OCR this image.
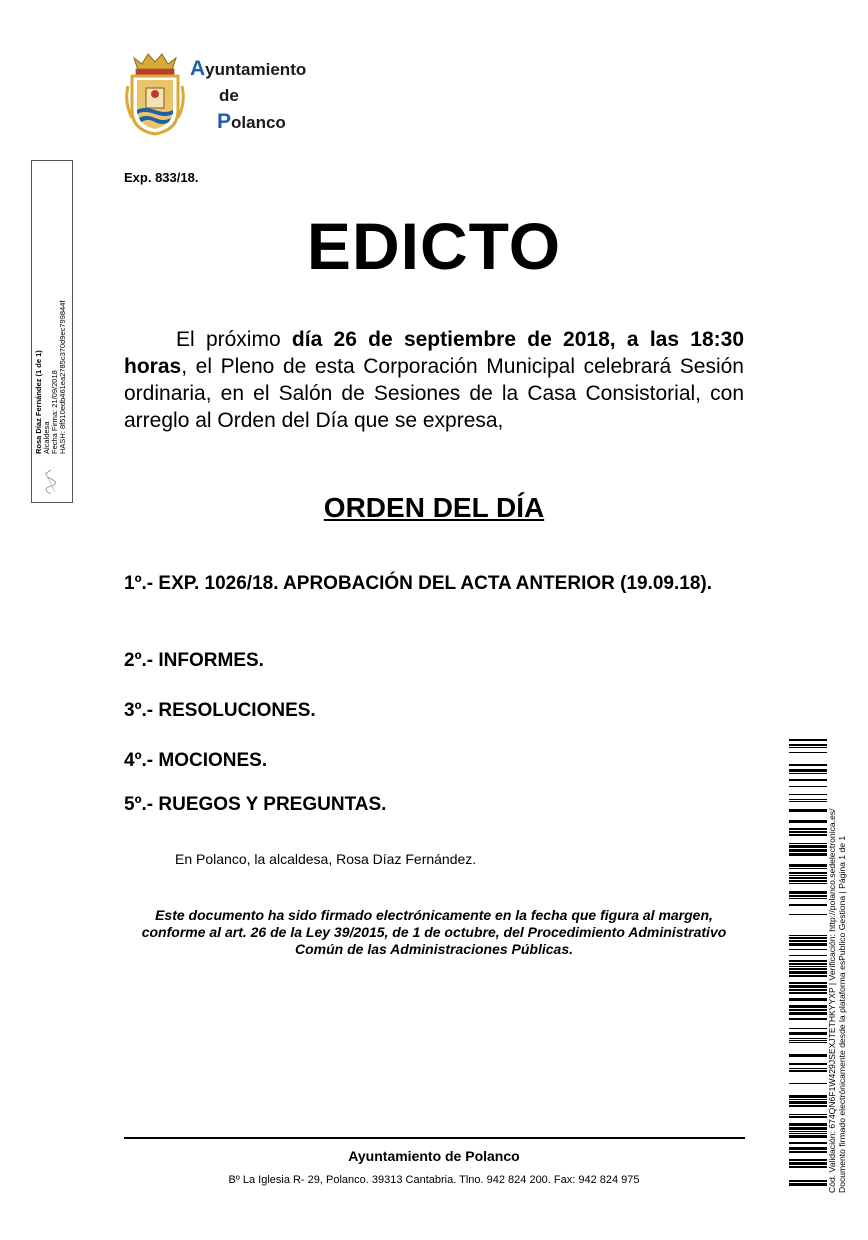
Ayuntamiento
de
Polanco
Rosa Díaz Fernández (1 de 1) Alcaldesa Fecha Firma: 21/09/2018 HASH: 8f510edb461ea2785c370d9ec799844f
Exp. 833/18.
EDICTO
El próximo día 26 de septiembre de 2018, a las 18:30 horas, el Pleno de esta Corporación Municipal celebrará Sesión ordinaria, en el Salón de Sesiones de la Casa Consistorial, con arreglo al Orden del Día que se expresa,
ORDEN DEL DÍA
1º.- EXP. 1026/18. APROBACIÓN DEL ACTA ANTERIOR (19.09.18).
2º.- INFORMES.
3º.- RESOLUCIONES.
4º.- MOCIONES.
5º.- RUEGOS Y PREGUNTAS.
En Polanco, la alcaldesa, Rosa Díaz Fernández.
Este documento ha sido firmado electrónicamente en la fecha que figura al margen, conforme al art. 26 de la Ley 39/2015, de 1 de octubre, del Procedimiento Administrativo Común de las Administraciones Públicas.
Ayuntamiento de Polanco
Bº La Iglesia R- 29, Polanco. 39313 Cantabria. Tlno. 942 824 200. Fax: 942 824 975	Cód. Validación: 674QN6F1W429JSEXJTETHKYYXP | Verificación: http://polanco.sedelectronica.es/ Documento firmado electrónicamente desde la plataforma esPublico Gestiona | Página 1 de 1
